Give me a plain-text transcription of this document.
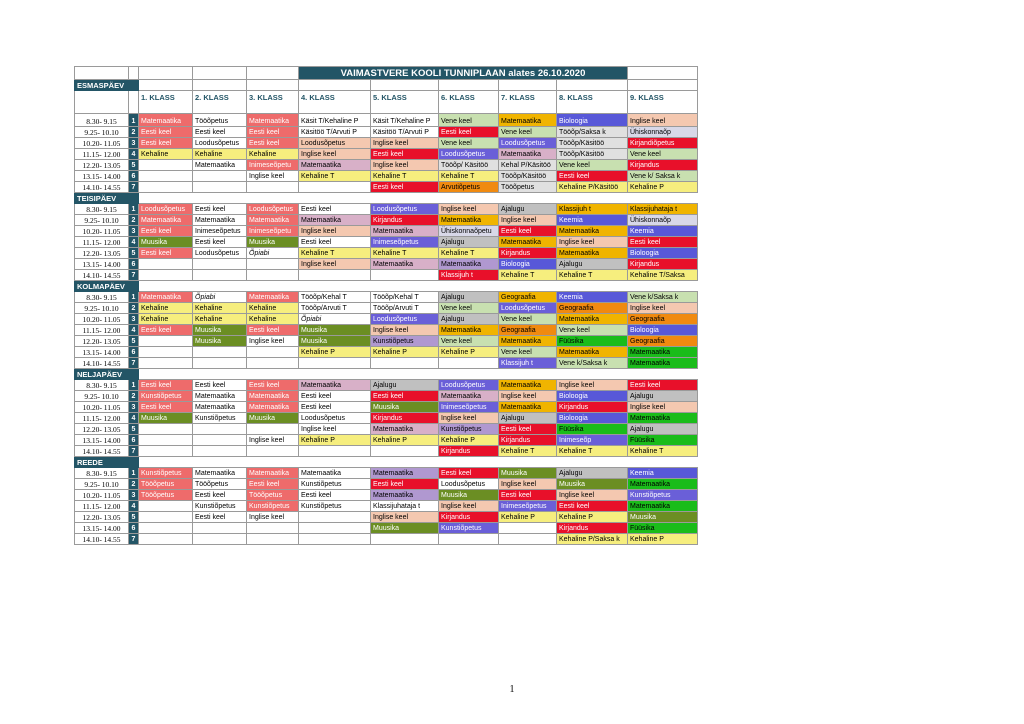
					VAIMASTVERE KOOLI TUNNIPLAAN alates 26.10.2020					
ESMASPÄEV										
		1. KLASS	2. KLASS	3. KLASS	4. KLASS	5. KLASS	6. KLASS	7. KLASS	8. KLASS	9. KLASS
8.30- 9.15	1	Matemaatika	Tööõpetus	Matemaatika	Käsit T/Kehaline P	Käsit T/Kehaline P	Vene keel	Matemaatika	Bioloogia	Inglise keel
9.25- 10.10	2	Eesti keel	Eesti keel	Eesti keel	Käsitöö T/Arvuti P	Käsitöö T/Arvuti P	Eesti keel	Vene keel	Tööõp/Saksa k	Ühiskonnaõp
10.20- 11.05	3	Eesti keel	Loodusõpetus	Eesti keel	Loodusõpetus	Inglise keel	Vene keel	Loodusõpetus	Tööõp/Käsitöö	Kirjandiõpetus
11.15- 12.00	4	Kehaline	Kehaline	Kehaline	Inglise keel	Eesti keel	Loodusõpetus	Matemaatika	Tööõp/Käsitöö	Vene keel
12.20- 13.05	5		Matemaatika	Inimeseõpetu	Matemaatika	Inglise keel	Tööõp/ Käsitöö	Kehal P/Käsitöö	Vene keel	Kirjandus
13.15- 14.00	6			Inglise keel	Kehaline T	Kehaline T	Kehaline T	Tööõp/Käsitöö	Eesti keel	Vene k/ Saksa k
14.10- 14.55	7					Eesti keel	Arvutiõpetus	Tööõpetus	Kehaline P/Käsitöö	Kehaline P
TEISIPÄEV										
8.30- 9.15	1	Loodusõpetus	Eesti keel	Loodusõpetus	Eesti keel	Loodusõpetus	Inglise keel	Ajalugu	Klassijuh t	Klassijuhataja t
9.25- 10.10	2	Matemaatika	Matemaatika	Matemaatika	Matemaatika	Kirjandus	Matemaatika	Inglise keel	Keemia	Ühiskonnaõp
10.20- 11.05	3	Eesti keel	Inimeseõpetus	Inimeseõpetu	Inglise keel	Matemaatika	Ühiskonnaõpetu	Eesti keel	Matemaatika	Keemia
11.15- 12.00	4	Muusika	Eesti keel	Muusika	Eesti keel	Inimeseõpetus	Ajalugu	Matemaatika	Inglise keel	Eesti keel
12.20- 13.05	5	Eesti keel	Loodusõpetus	Õpiabi	Kehaline T	Kehaline T	Kehaline T	Kirjandus	Matemaatika	Bioloogia
13.15- 14.00	6				Inglise keel	Matemaatika	Matemaatika	Bioloogia	Ajalugu	Kirjandus
14.10- 14.55	7						Klassijuh t	Kehaline T	Kehaline T	Kehaline T/Saksa
KOLMAPÄEV										
8.30- 9.15	1	Matemaatika	Õpiabi	Matemaatika	Tööõp/Kehal T	Tööõp/Kehal T	Ajalugu	Geograafia	Keemia	Vene k/Saksa k
9.25- 10.10	2	Kehaline	Kehaline	Kehaline	Tööõp/Arvuti T	Tööõp/Arvuti T	Vene keel	Loodusõpetus	Geograafia	Inglise keel
10.20- 11.05	3	Kehaline	Kehaline	Kehaline	Õpiabi	Loodusõpetus	Ajalugu	Vene keel	Matemaatika	Geograafia
11.15- 12.00	4	Eesti keel	Muusika	Eesti keel	Muusika	Inglise keel	Matemaatika	Geograafia	Vene keel	Bioloogia
12.20- 13.05	5		Muusika	Inglise keel	Muusika	Kunstiõpetus	Vene keel	Matemaatika	Füüsika	Geograafia
13.15- 14.00	6				Kehaline P	Kehaline P	Kehaline P	Vene keel	Matemaatika	Matemaatika
14.10- 14.55	7							Klassijuh t	Vene k/Saksa k	Matemaatika
NELJAPÄEV										
8.30- 9.15	1	Eesti keel	Eesti keel	Eesti keel	Matemaatika	Ajalugu	Loodusõpetus	Matemaatika	Inglise keel	Eesti keel
9.25- 10.10	2	Kunstiõpetus	Matemaatika	Matemaatika	Eesti keel	Eesti keel	Matemaatika	Inglise keel	Bioloogia	Ajalugu
10.20- 11.05	3	Eesti keel	Matemaatika	Matemaatika	Eesti keel	Muusika	Inimeseõpetus	Matemaatika	Kirjandus	Inglise keel
11.15- 12.00	4	Muusika	Kunstiõpetus	Muusika	Loodusõpetus	Kirjandus	Inglise keel	Ajalugu	Bioloogia	Matemaatika
12.20- 13.05	5				Inglise keel	Matemaatika	Kunstiõpetus	Eesti keel	Füüsika	Ajalugu
13.15- 14.00	6			Inglise keel	Kehaline P	Kehaline P	Kehaline P	Kirjandus	Inimeseõp	Füüsika
14.10- 14.55	7						Kirjandus	Kehaline T	Kehaline T	Kehaline T
REEDE										
8.30- 9.15	1	Kunstiõpetus	Matemaatika	Matemaatika	Matemaatika	Matemaatika	Eesti keel	Muusika	Ajalugu	Keemia
9.25- 10.10	2	Tööõpetus	Tööõpetus	Eesti keel	Kunstiõpetus	Eesti keel	Loodusõpetus	Inglise keel	Muusika	Matemaatika
10.20- 11.05	3	Tööõpetus	Eesti keel	Tööõpetus	Eesti keel	Matemaatika	Muusika	Eesti keel	Inglise keel	Kunstiõpetus
11.15- 12.00	4		Kunstiõpetus	Kunstiõpetus	Kunstiõpetus	Klassijuhataja t	Inglise keel	Inimeseõpetus	Eesti keel	Matemaatika
12.20- 13.05	5		Eesti keel	Inglise keel		Inglise keel	Kirjandus	Kehaline P	Kehaline P	Muusika
13.15- 14.00	6					Muusika	Kunstiõpetus		Kirjandus	Füüsika
14.10- 14.55	7								Kehaline P/Saksa k	Kehaline P
1
